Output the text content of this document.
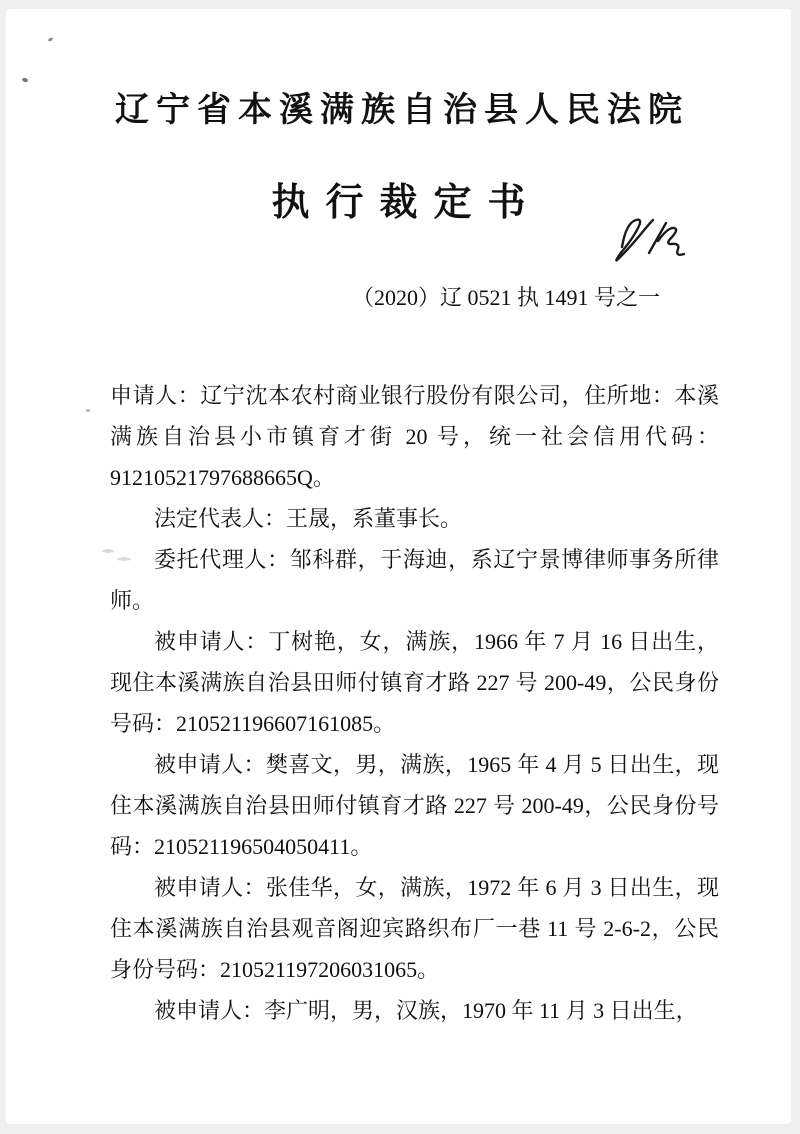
辽宁省本溪满族自治县人民法院
执行裁定书
（2020）辽 0521 执 1491 号之一

申请人：辽宁沈本农村商业银行股份有限公司，住所地：本溪满族自治县小市镇育才街 20 号，统一社会信用代码：91210521797688665Q。

法定代表人：王晟，系董事长。

委托代理人：邹科群，于海迪，系辽宁景博律师事务所律师。

被申请人：丁树艳，女，满族，1966 年 7 月 16 日出生，现住本溪满族自治县田师付镇育才路 227 号 200-49，公民身份号码：210521196607161085。

被申请人：樊喜文，男，满族，1965 年 4 月 5 日出生，现住本溪满族自治县田师付镇育才路 227 号 200-49，公民身份号码：210521196504050411。

被申请人：张佳华，女，满族，1972 年 6 月 3 日出生，现住本溪满族自治县观音阁迎宾路织布厂一巷 11 号 2-6-2，公民身份号码：210521197206031065。

被申请人：李广明，男，汉族，1970 年 11 月 3 日出生，
